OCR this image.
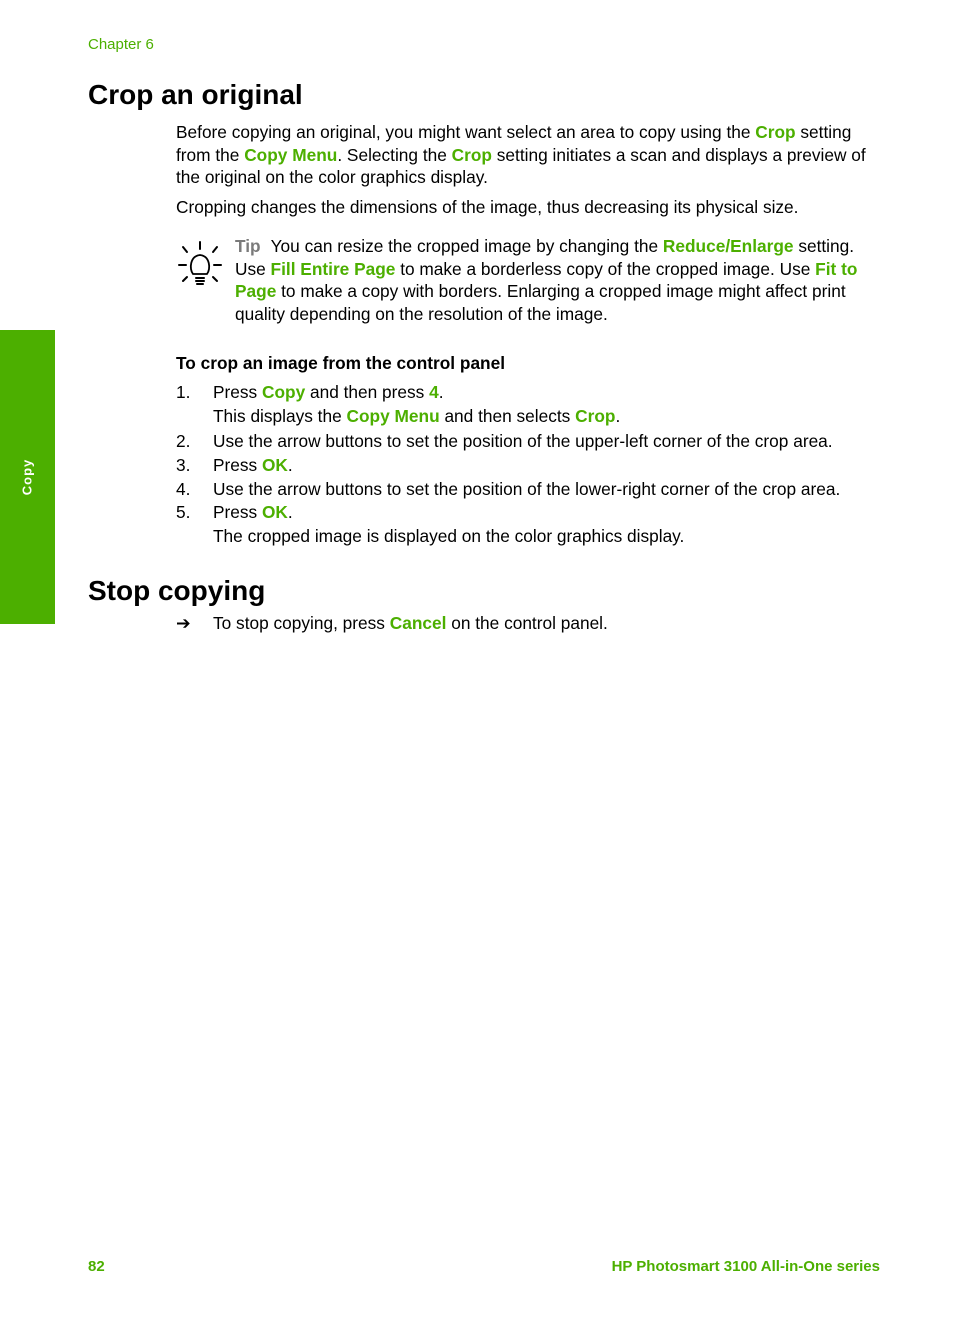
Chapter 6
Copy
Crop an original

Before copying an original, you might want select an area to copy using the Crop setting from the Copy Menu. Selecting the Crop setting initiates a scan and displays a preview of the original on the color graphics display.

Cropping changes the dimensions of the image, thus decreasing its physical size.

Tip You can resize the cropped image by changing the Reduce/Enlarge setting. Use Fill Entire Page to make a borderless copy of the cropped image. Use Fit to Page to make a copy with borders. Enlarging a cropped image might affect print quality depending on the resolution of the image.

To crop an image from the control panel
1.	Press Copy and then press 4.
This displays the Copy Menu and then selects Crop.
2.	Use the arrow buttons to set the position of the upper-left corner of the crop area.
3.	Press OK.
4.	Use the arrow buttons to set the position of the lower-right corner of the crop area.
5.	Press OK.
The cropped image is displayed on the color graphics display.
Stop copying
➔ To stop copying, press Cancel on the control panel.
82	HP Photosmart 3100 All-in-One series
